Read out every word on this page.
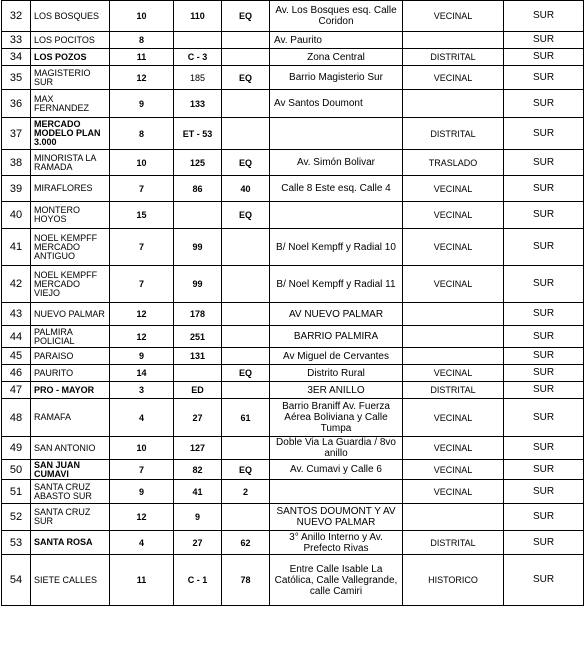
32	LOS BOSQUES	10	110	EQ	Av. Los Bosques esq. Calle Coridon	VECINAL	SUR
33	LOS POCITOS	8			Av. Paurito		SUR
34	LOS POZOS	11	C - 3		Zona Central	DISTRITAL	SUR
35	MAGISTERIO SUR	12	185	EQ	Barrio Magisterio Sur	VECINAL	SUR
36	MAX FERNANDEZ	9	133		Av Santos Doumont		SUR
37	MERCADO MODELO PLAN 3.000	8	ET - 53			DISTRITAL	SUR
38	MINORISTA LA RAMADA	10	125	EQ	Av. Simón Bolivar	TRASLADO	SUR
39	MIRAFLORES	7	86	40	Calle 8 Este esq. Calle 4	VECINAL	SUR
40	MONTERO HOYOS	15		EQ		VECINAL	SUR
41	NOEL KEMPFF MERCADO ANTIGUO	7	99		B/ Noel Kempff y Radial 10	VECINAL	SUR
42	NOEL KEMPFF MERCADO VIEJO	7	99		B/ Noel Kempff y Radial 11	VECINAL	SUR
43	NUEVO PALMAR	12	178		AV NUEVO PALMAR		SUR
44	PALMIRA POLICIAL	12	251		BARRIO PALMIRA		SUR
45	PARAISO	9	131		Av Miguel de Cervantes		SUR
46	PAURITO	14		EQ	Distrito Rural	VECINAL	SUR
47	PRO - MAYOR	3	ED		3ER ANILLO	DISTRITAL	SUR
48	RAMAFA	4	27	61	Barrio Braniff Av. Fuerza Aérea Boliviana y Calle Tumpa	VECINAL	SUR
49	SAN ANTONIO	10	127		Doble Via La Guardia / 8vo anillo	VECINAL	SUR
50	SAN JUAN CUMAVI	7	82	EQ	Av. Cumavi y Calle 6	VECINAL	SUR
51	SANTA CRUZ ABASTO SUR	9	41	2		VECINAL	SUR
52	SANTA CRUZ SUR	12	9		SANTOS DOUMONT Y AV NUEVO PALMAR		SUR
53	SANTA ROSA	4	27	62	3° Anillo Interno y Av. Prefecto Rivas	DISTRITAL	SUR
54	SIETE CALLES	11	C - 1	78	Entre Calle Isable La Católica, Calle Vallegrande, calle Camiri	HISTORICO	SUR
